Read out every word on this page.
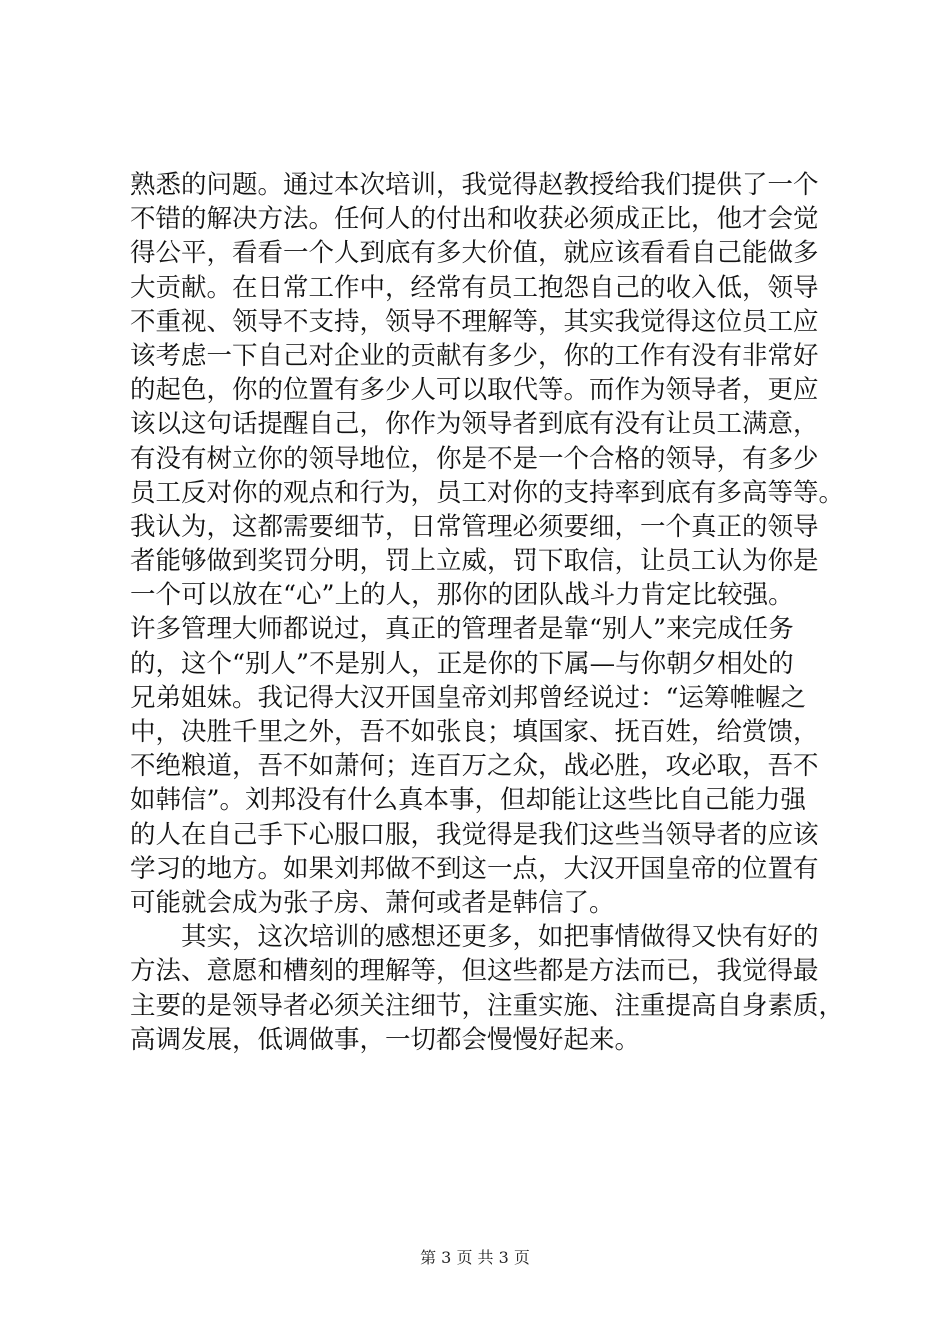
熟悉的问题。通过本次培训，我觉得赵教授给我们提供了一个
不错的解决方法。任何人的付出和收获必须成正比，他才会觉
得公平，看看一个人到底有多大价值，就应该看看自己能做多
大贡献。在日常工作中，经常有员工抱怨自己的收入低，领导
不重视、领导不支持，领导不理解等，其实我觉得这位员工应
该考虑一下自己对企业的贡献有多少，你的工作有没有非常好
的起色，你的位置有多少人可以取代等。而作为领导者，更应
该以这句话提醒自己，你作为领导者到底有没有让员工满意，
有没有树立你的领导地位，你是不是一个合格的领导，有多少
员工反对你的观点和行为，员工对你的支持率到底有多高等等。
我认为，这都需要细节，日常管理必须要细，一个真正的领导
者能够做到奖罚分明，罚上立威，罚下取信，让员工认为你是
一个可以放在“心”上的人，那你的团队战斗力肯定比较强。
许多管理大师都说过，真正的管理者是靠“别人”来完成任务
的，这个“别人”不是别人，正是你的下属—与你朝夕相处的
兄弟姐妹。我记得大汉开国皇帝刘邦曾经说过：“运筹帷幄之
中，决胜千里之外，吾不如张良；填国家、抚百姓，给赏馈，
不绝粮道，吾不如萧何；连百万之众，战必胜，攻必取，吾不
如韩信”。刘邦没有什么真本事，但却能让这些比自己能力强
的人在自己手下心服口服，我觉得是我们这些当领导者的应该
学习的地方。如果刘邦做不到这一点，大汉开国皇帝的位置有
可能就会成为张子房、萧何或者是韩信了。
其实，这次培训的感想还更多，如把事情做得又快有好的
方法、意愿和槽刻的理解等，但这些都是方法而已，我觉得最
主要的是领导者必须关注细节，注重实施、注重提高自身素质，
高调发展，低调做事，一切都会慢慢好起来。
第 3 页 共 3 页
